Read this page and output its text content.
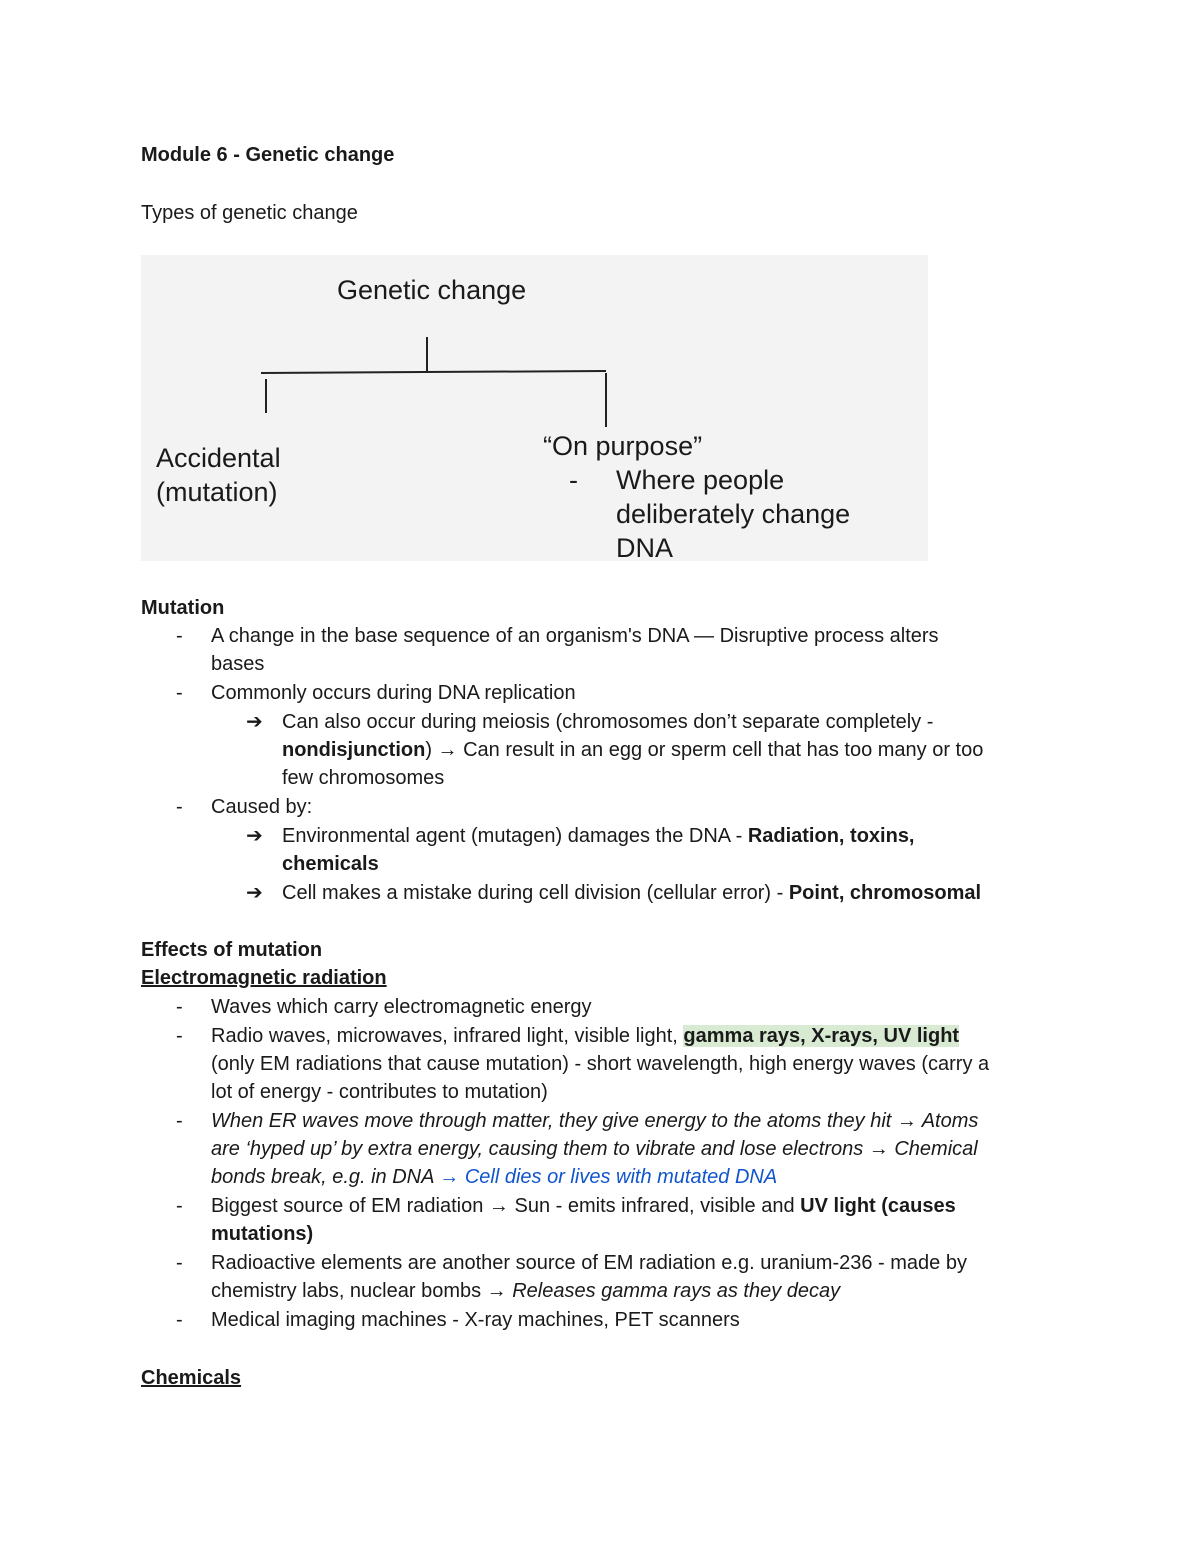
Module 6 - Genetic change
Types of genetic change
Genetic change
Accidental
(mutation)
“On purpose”
- Where people
deliberately change
DNA
Mutation
- A change in the base sequence of an organism's DNA — Disruptive process alters
bases
- Commonly occurs during DNA replication
➔ Can also occur during meiosis (chromosomes don’t separate completely -
nondisjunction) → Can result in an egg or sperm cell that has too many or too
few chromosomes
- Caused by:
➔ Environmental agent (mutagen) damages the DNA - Radiation, toxins,
chemicals
➔ Cell makes a mistake during cell division (cellular error) - Point, chromosomal
Effects of mutation
Electromagnetic radiation
- Waves which carry electromagnetic energy
- Radio waves, microwaves, infrared light, visible light, gamma rays, X-rays, UV light
(only EM radiations that cause mutation) - short wavelength, high energy waves (carry a
lot of energy - contributes to mutation)
- When ER waves move through matter, they give energy to the atoms they hit → Atoms
are ‘hyped up’ by extra energy, causing them to vibrate and lose electrons → Chemical
bonds break, e.g. in DNA → Cell dies or lives with mutated DNA
- Biggest source of EM radiation → Sun - emits infrared, visible and UV light (causes
mutations)
- Radioactive elements are another source of EM radiation e.g. uranium-236 - made by
chemistry labs, nuclear bombs → Releases gamma rays as they decay
- Medical imaging machines - X-ray machines, PET scanners
Chemicals
